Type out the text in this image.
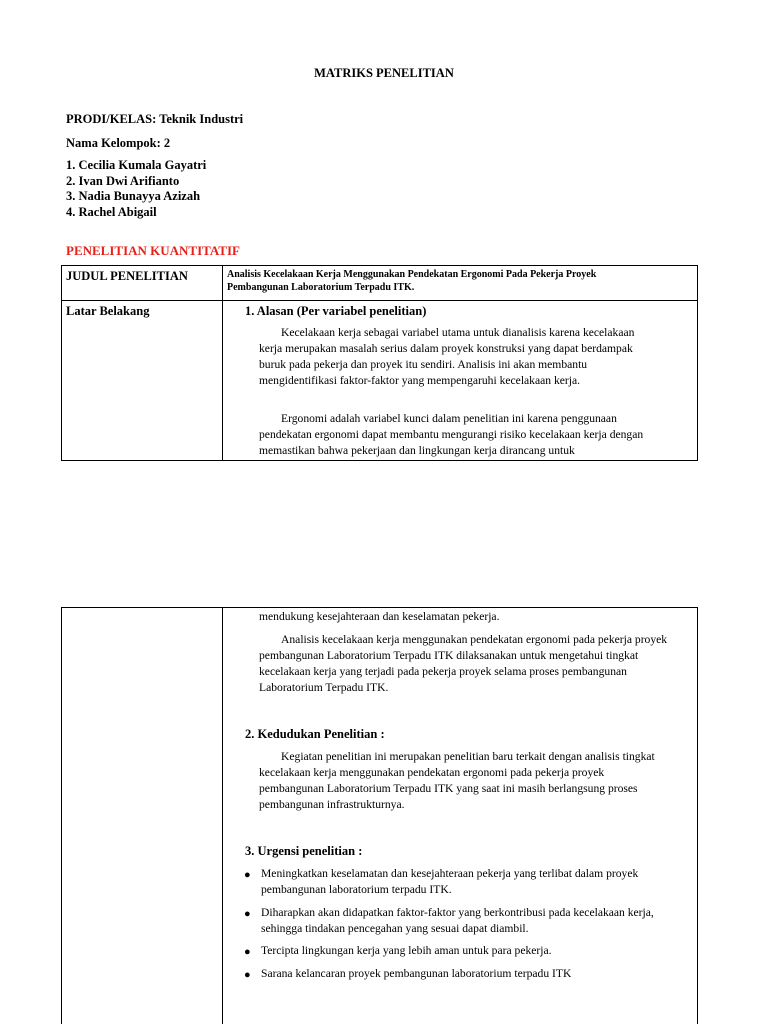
MATRIKS PENELITIAN
PRODI/KELAS: Teknik Industri
Nama Kelompok: 2
1. Cecilia Kumala Gayatri
2. Ivan Dwi Arifianto
3. Nadia Bunayya Azizah
4. Rachel Abigail
PENELITIAN KUANTITATIF
JUDUL PENELITIAN	Analisis Kecelakaan Kerja Menggunakan Pendekatan Ergonomi Pada Pekerja Proyek Pembangunan Laboratorium Terpadu ITK.
Latar Belakang	1. Alasan (Per variabel penelitian)

Kecelakaan kerja sebagai variabel utama untuk dianalisis karena kecelakaan kerja merupakan masalah serius dalam proyek konstruksi yang dapat berdampak buruk pada pekerja dan proyek itu sendiri. Analisis ini akan membantu mengidentifikasi faktor-faktor yang mempengaruhi kecelakaan kerja.

Ergonomi adalah variabel kunci dalam penelitian ini karena penggunaan pendekatan ergonomi dapat membantu mengurangi risiko kecelakaan kerja dengan memastikan bahwa pekerjaan dan lingkungan kerja dirancang untuk

mendukung kesejahteraan dan keselamatan pekerja.

Analisis kecelakaan kerja menggunakan pendekatan ergonomi pada pekerja proyek pembangunan Laboratorium Terpadu ITK dilaksanakan untuk mengetahui tingkat kecelakaan kerja yang terjadi pada pekerja proyek selama proses pembangunan Laboratorium Terpadu ITK.

2. Kedudukan Penelitian :

Kegiatan penelitian ini merupakan penelitian baru terkait dengan analisis tingkat kecelakaan kerja menggunakan pendekatan ergonomi pada pekerja proyek pembangunan Laboratorium Terpadu ITK yang saat ini masih berlangsung proses pembangunan infrastrukturnya.

3. Urgensi penelitian :
● Meningkatkan keselamatan dan kesejahteraan pekerja yang terlibat dalam proyek pembangunan laboratorium terpadu ITK.
● Diharapkan akan didapatkan faktor-faktor yang berkontribusi pada kecelakaan kerja, sehingga tindakan pencegahan yang sesuai dapat diambil.
● Tercipta lingkungan kerja yang lebih aman untuk para pekerja.
● Sarana kelancaran proyek pembangunan laboratorium terpadu ITK
